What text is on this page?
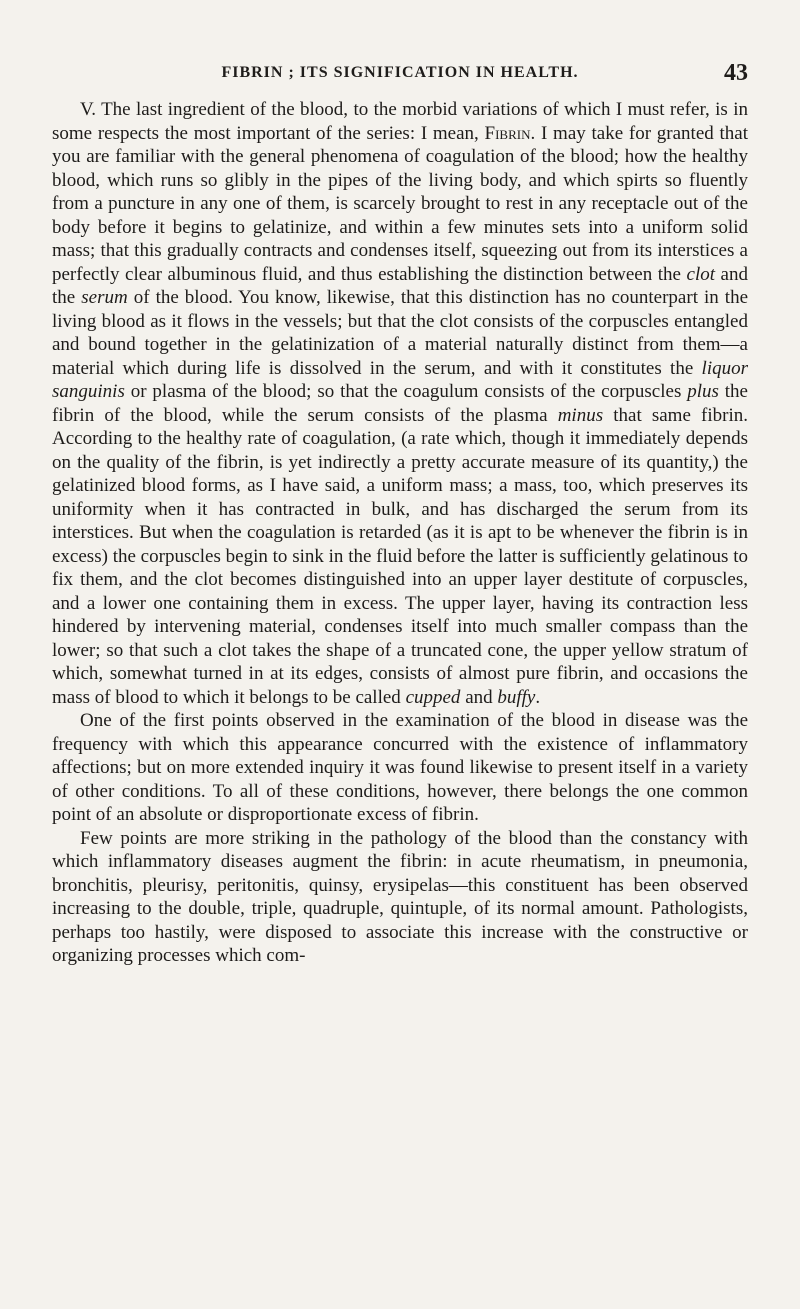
FIBRIN ; ITS SIGNIFICATION IN HEALTH.	43

V. The last ingredient of the blood, to the morbid variations of which I must refer, is in some respects the most important of the series: I mean, Fibrin. I may take for granted that you are familiar with the general phenomena of coagulation of the blood; how the healthy blood, which runs so glibly in the pipes of the living body, and which spirts so fluently from a puncture in any one of them, is scarcely brought to rest in any receptacle out of the body before it begins to gelatinize, and within a few minutes sets into a uniform solid mass; that this gradually contracts and condenses itself, squeezing out from its interstices a perfectly clear albuminous fluid, and thus establishing the distinction between the clot and the serum of the blood. You know, likewise, that this distinction has no counterpart in the living blood as it flows in the vessels; but that the clot consists of the corpuscles entangled and bound together in the gelatinization of a material naturally distinct from them—a material which during life is dissolved in the serum, and with it constitutes the liquor sanguinis or plasma of the blood; so that the coagulum consists of the corpuscles plus the fibrin of the blood, while the serum consists of the plasma minus that same fibrin. According to the healthy rate of coagulation, (a rate which, though it immediately depends on the quality of the fibrin, is yet indirectly a pretty accurate measure of its quantity,) the gelatinized blood forms, as I have said, a uniform mass; a mass, too, which preserves its uniformity when it has contracted in bulk, and has discharged the serum from its interstices. But when the coagulation is retarded (as it is apt to be whenever the fibrin is in excess) the corpuscles begin to sink in the fluid before the latter is sufficiently gelatinous to fix them, and the clot becomes distinguished into an upper layer destitute of corpuscles, and a lower one containing them in excess. The upper layer, having its contraction less hindered by intervening material, condenses itself into much smaller compass than the lower; so that such a clot takes the shape of a truncated cone, the upper yellow stratum of which, somewhat turned in at its edges, consists of almost pure fibrin, and occasions the mass of blood to which it belongs to be called cupped and buffy.

One of the first points observed in the examination of the blood in disease was the frequency with which this appearance concurred with the existence of inflammatory affections; but on more extended inquiry it was found likewise to present itself in a variety of other conditions. To all of these conditions, however, there belongs the one common point of an absolute or disproportionate excess of fibrin.

Few points are more striking in the pathology of the blood than the constancy with which inflammatory diseases augment the fibrin: in acute rheumatism, in pneumonia, bronchitis, pleurisy, peritonitis, quinsy, erysipelas—this constituent has been observed increasing to the double, triple, quadruple, quintuple, of its normal amount. Pathologists, perhaps too hastily, were disposed to associate this increase with the constructive or organizing processes which com-
